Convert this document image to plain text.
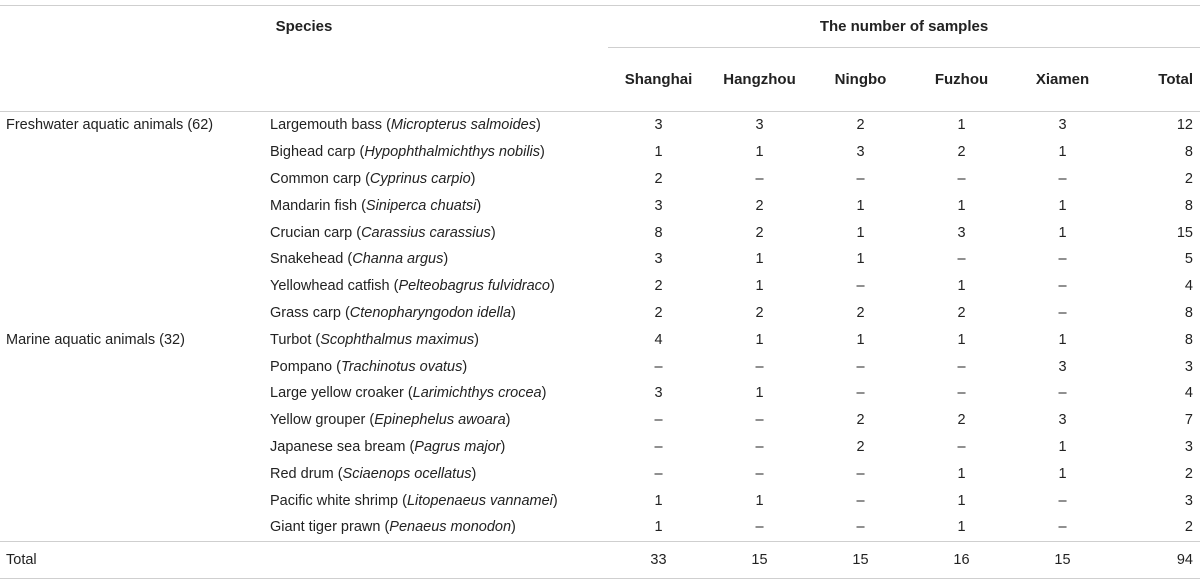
Species		The number of samples					
		Shanghai	Hangzhou	Ningbo	Fuzhou	Xiamen	Total
Freshwater aquatic animals (62)	Largemouth bass (Micropterus salmoides)	3	3	2	1	3	12
	Bighead carp (Hypophthalmichthys nobilis)	1	1	3	2	1	8
	Common carp (Cyprinus carpio)	2	–	–	–	–	2
	Mandarin fish (Siniperca chuatsi)	3	2	1	1	1	8
	Crucian carp (Carassius carassius)	8	2	1	3	1	15
	Snakehead (Channa argus)	3	1	1	–	–	5
	Yellowhead catfish (Pelteobagrus fulvidraco)	2	1	–	1	–	4
	Grass carp (Ctenopharyngodon idella)	2	2	2	2	–	8
Marine aquatic animals (32)	Turbot (Scophthalmus maximus)	4	1	1	1	1	8
	Pompano (Trachinotus ovatus)	–	–	–	–	3	3
	Large yellow croaker (Larimichthys crocea)	3	1	–	–	–	4
	Yellow grouper (Epinephelus awoara)	–	–	2	2	3	7
	Japanese sea bream (Pagrus major)	–	–	2	–	1	3
	Red drum (Sciaenops ocellatus)	–	–	–	1	1	2
	Pacific white shrimp (Litopenaeus vannamei)	1	1	–	1	–	3
	Giant tiger prawn (Penaeus monodon)	1	–	–	1	–	2
Total		33	15	15	16	15	94
